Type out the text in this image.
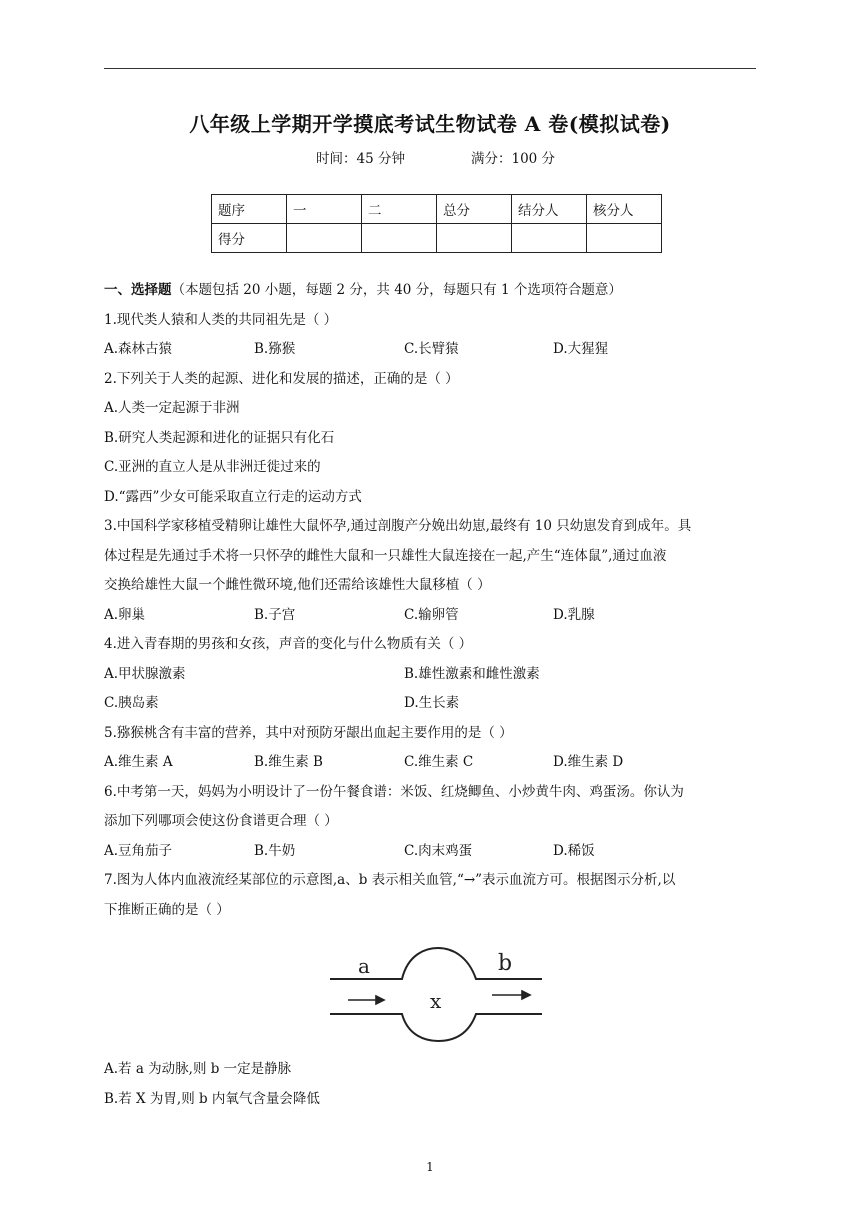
八年级上学期开学摸底考试生物试卷 A 卷(模拟试卷)
时间：45 分钟	满分：100 分
题序	一	二	总分	结分人	核分人
得分					
一、选择题（本题包括 20 小题，每题 2 分，共 40 分，每题只有 1 个选项符合题意）
1.现代类人猿和人类的共同祖先是（ ）
A.森林古猿	B.猕猴	C.长臂猿	D.大猩猩
2.下列关于人类的起源、进化和发展的描述，正确的是（ ）
A.人类一定起源于非洲
B.研究人类起源和进化的证据只有化石
C.亚洲的直立人是从非洲迁徙过来的
D.“露西”少女可能采取直立行走的运动方式
3.中国科学家移植受精卵让雄性大鼠怀孕,通过剖腹产分娩出幼崽,最终有 10 只幼崽发育到成年。具
体过程是先通过手术将一只怀孕的雌性大鼠和一只雄性大鼠连接在一起,产生“连体鼠”,通过血液
交换给雄性大鼠一个雌性微环境,他们还需给该雄性大鼠移植（ ）
A.卵巢	B.子宫	C.输卵管	D.乳腺
4.进入青春期的男孩和女孩，声音的变化与什么物质有关（ ）
A.甲状腺激素	B.雄性激素和雌性激素
C.胰岛素	D.生长素
5.猕猴桃含有丰富的营养，其中对预防牙龈出血起主要作用的是（ ）
A.维生素 A	B.维生素 B	C.维生素 C	D.维生素 D
6.中考第一天，妈妈为小明设计了一份午餐食谱：米饭、红烧鲫鱼、小炒黄牛肉、鸡蛋汤。你认为
添加下列哪项会使这份食谱更合理（ ）
A.豆角茄子	B.牛奶	C.肉末鸡蛋	D.稀饭
7.图为人体内血液流经某部位的示意图,a、b 表示相关血管,“→”表示血流方可。根据图示分析,以
下推断正确的是（ ）
a	b
x
A.若 a 为动脉,则 b 一定是静脉
B.若 X 为胃,则 b 内氧气含量会降低
1
